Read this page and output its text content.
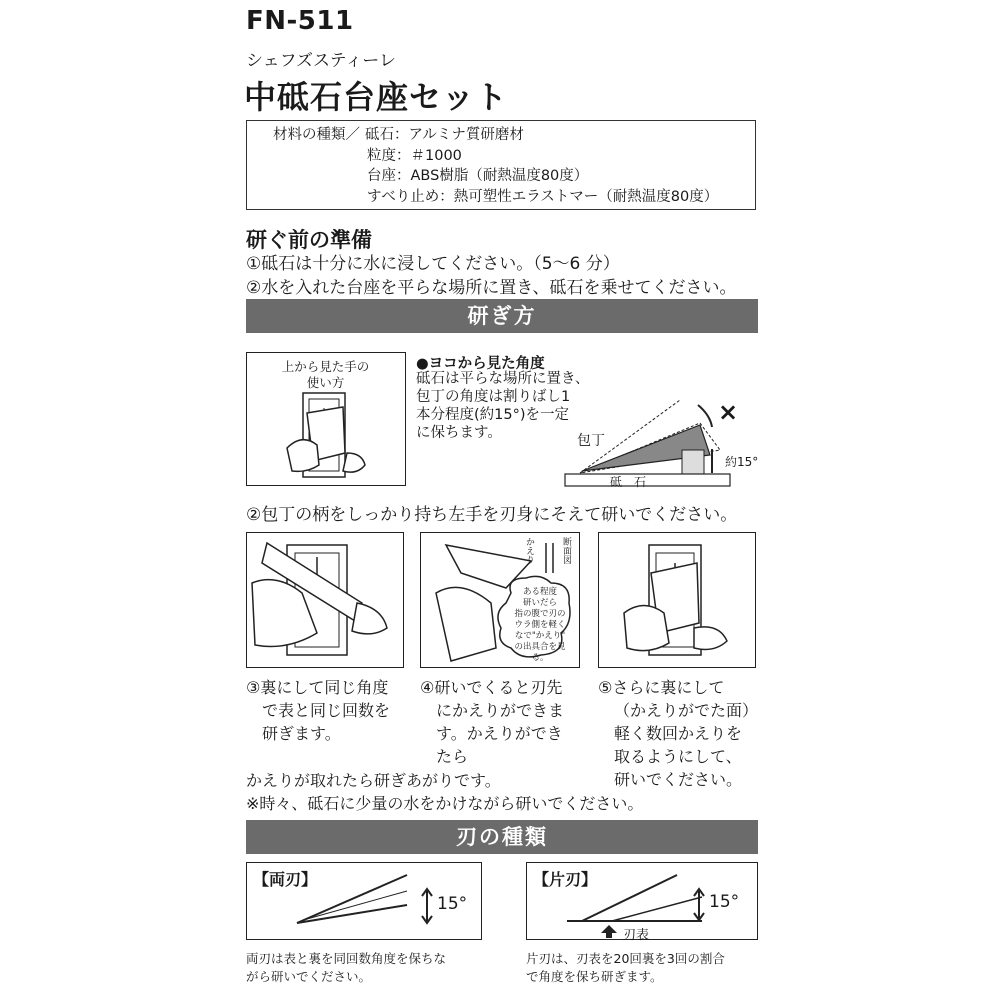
FN-511
シェフズスティーレ
中砥石台座セット
材料の種類／ 砥石：アルミナ質研磨材
粒度：＃1000
台座：ABS樹脂（耐熱温度80度）
すべり止め：熱可塑性エラストマー（耐熱温度80度）
研ぐ前の準備
①砥石は十分に水に浸してください。（5〜6 分）
②水を入れた台座を平らな場所に置き、砥石を乗せてください。
研ぎ方
上から見た手の
使い方
●ヨコから見た角度
砥石は平らな場所に置き、
包丁の角度は割りばし1
本分程度(約15°)を一定
に保ちます。	包丁
砥　石
約15°
×
②包丁の柄をしっかり持ち左手を刃身にそえて研いでください。
かえり	断面図
ある程度
研いだら
指の腹で刃の
ウラ側を軽く
なで"かえり"
の出具合を見る。
③裏にして同じ角度
で表と同じ回数を
研ぎます。
④研いでくると刃先
にかえりができま
す。かえりができ
たら
⑤さらに裏にして
（かえりがでた面）
軽く数回かえりを
取るようにして、
研いでください。
かえりが取れたら研ぎあがりです。
※時々、砥石に少量の水をかけながら研いでください。
刃の種類
【両刃】
15°
両刃は表と裏を同回数角度を保ちな
がら研いでください。
【片刃】
15°
刃表
片刃は、刃表を20回裏を3回の割合
で角度を保ち研ぎます。
